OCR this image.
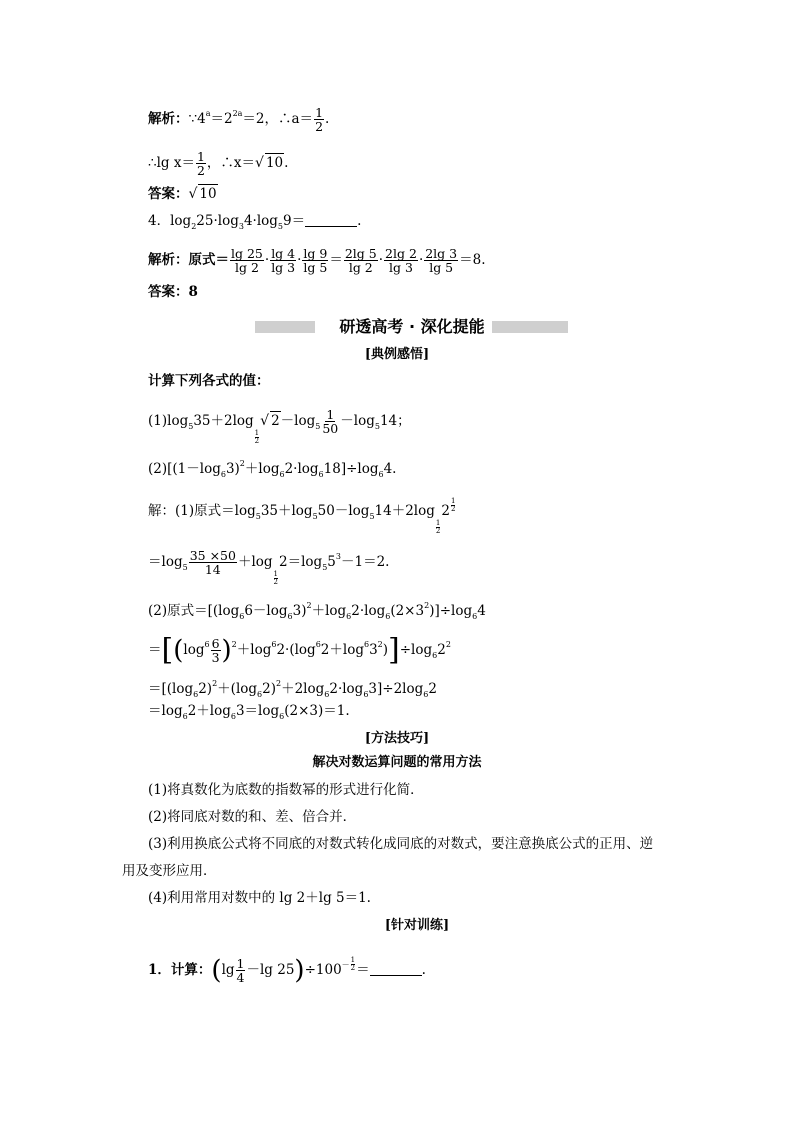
解析：$\because 4^a=2^{2a}=2$，∴a＝ $\frac{1}{2}$ .
∴lg $x= \frac{1}{2}$ ，∴x＝√ 10.
答案：√ 10
4．$\log_225\cdot\log_34\cdot\log_59=$	.
解析：原式＝ $\frac{\lg 25}{\lg 2} \cdot \frac{\lg 4}{\lg 3} \cdot \frac{\lg 9}{\lg 5} = \frac{2\lg 5}{\lg 2} \cdot \frac{2\lg 2}{\lg 3} \cdot \frac{2\lg 3}{\lg 5} =8$.
答案：8
研透高考 · 深化提能
[典例感悟]
计算下列各式的值：
$(1)\log_535+2\log$
$\frac{1}{2}$
√ $2-\log_5 \frac{1}{50} -\log_514$；
$(2)[(1-\log_63)^2+\log_62\cdot\log_618]\div\log_64$.
解：(1)原式$=\log_535+\log_550-\log_514+2\log$
$\frac{1}{2}$
$2 \frac{1}{2}$
$=\log_5 \frac{35 \times 50}{14} +\log$
$\frac{1}{2}$
$2=\log_55^3-1=2$.
(2)原式$=[(\log_66-\log_63)^2+\log_62\cdot\log_6(2\times 3^2)]\div\log_64$
$=[(\log^6 \frac{6}{3} )^2+\log^62\cdot(\log^62+\log^63^2)]\div\log_62^2$
$=[(\log_62)^2+(\log_62)^2+2\log_62\cdot\log_63]\div 2\log_62$
$=\log_62+\log_63=\log_6(2\times 3)=1$.
[方法技巧]
解决对数运算问题的常用方法
(1)将真数化为底数的指数幂的形式进行化简．
(2)将同底对数的和、差、倍合并．
(3)利用换底公式将不同底的对数式转化成同底的对数式，要注意换底公式的正用、逆
用及变形应用．
(4)利用常用对数中的 lg 2＋lg 5＝1.
[针对训练]
1．计算：($\lg \frac{1}{4} -\lg$ $25)\div 100^- \frac{1}{2}$ ＝	.
